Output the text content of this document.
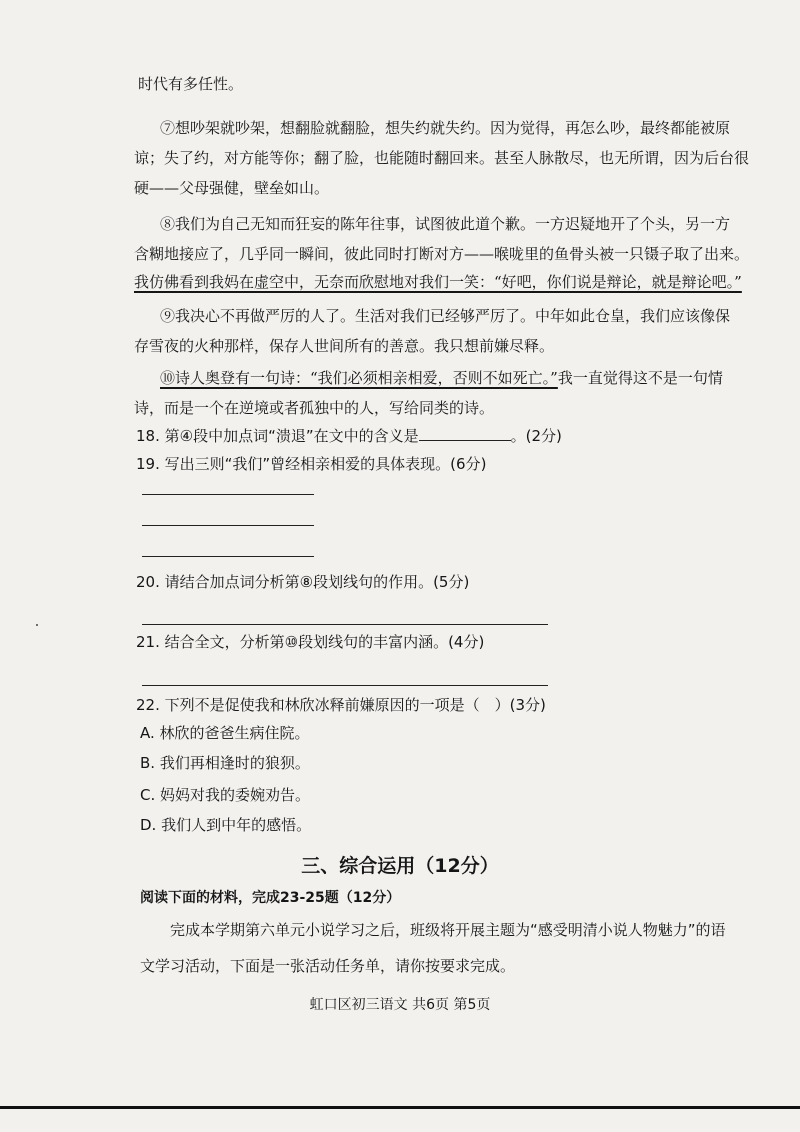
时代有多任性。
⑦想吵架就吵架，想翻脸就翻脸，想失约就失约。因为觉得，再怎么吵，最终都能被原
谅；失了约，对方能等你；翻了脸，也能随时翻回来。甚至人脉散尽，也无所谓，因为后台很
硬——父母强健，壁垒如山。
⑧我们为自己无知而狂妄的陈年往事，试图彼此道个歉。一方迟疑地开了个头，另一方
含糊地接应了，几乎同一瞬间，彼此同时打断对方——喉咙里的鱼骨头被一只镊子取了出来。
我仿佛看到我妈在虚空中，无奈而欣慰地对我们一笑：“好吧，你们说是辩论，就是辩论吧。”
⑨我决心不再做严厉的人了。生活对我们已经够严厉了。中年如此仓皇，我们应该像保
存雪夜的火种那样，保存人世间所有的善意。我只想前嫌尽释。
⑩诗人奥登有一句诗：“我们必须相亲相爱，否则不如死亡。”我一直觉得这不是一句情
诗，而是一个在逆境或者孤独中的人，写给同类的诗。
18. 第④段中加点词“溃退”在文中的含义是	。(2分)
19. 写出三则“我们”曾经相亲相爱的具体表现。(6分)
20. 请结合加点词分析第⑧段划线句的作用。(5分)
21. 结合全文，分析第⑩段划线句的丰富内涵。(4分)
22. 下列不是促使我和林欣冰释前嫌原因的一项是（　）(3分)
A. 林欣的爸爸生病住院。
B. 我们再相逢时的狼狈。
C. 妈妈对我的委婉劝告。
D. 我们人到中年的感悟。
三、综合运用（12分）
阅读下面的材料，完成23-25题（12分）
完成本学期第六单元小说学习之后，班级将开展主题为“感受明清小说人物魅力”的语
文学习活动，下面是一张活动任务单，请你按要求完成。
虹口区初三语文 共6页 第5页
